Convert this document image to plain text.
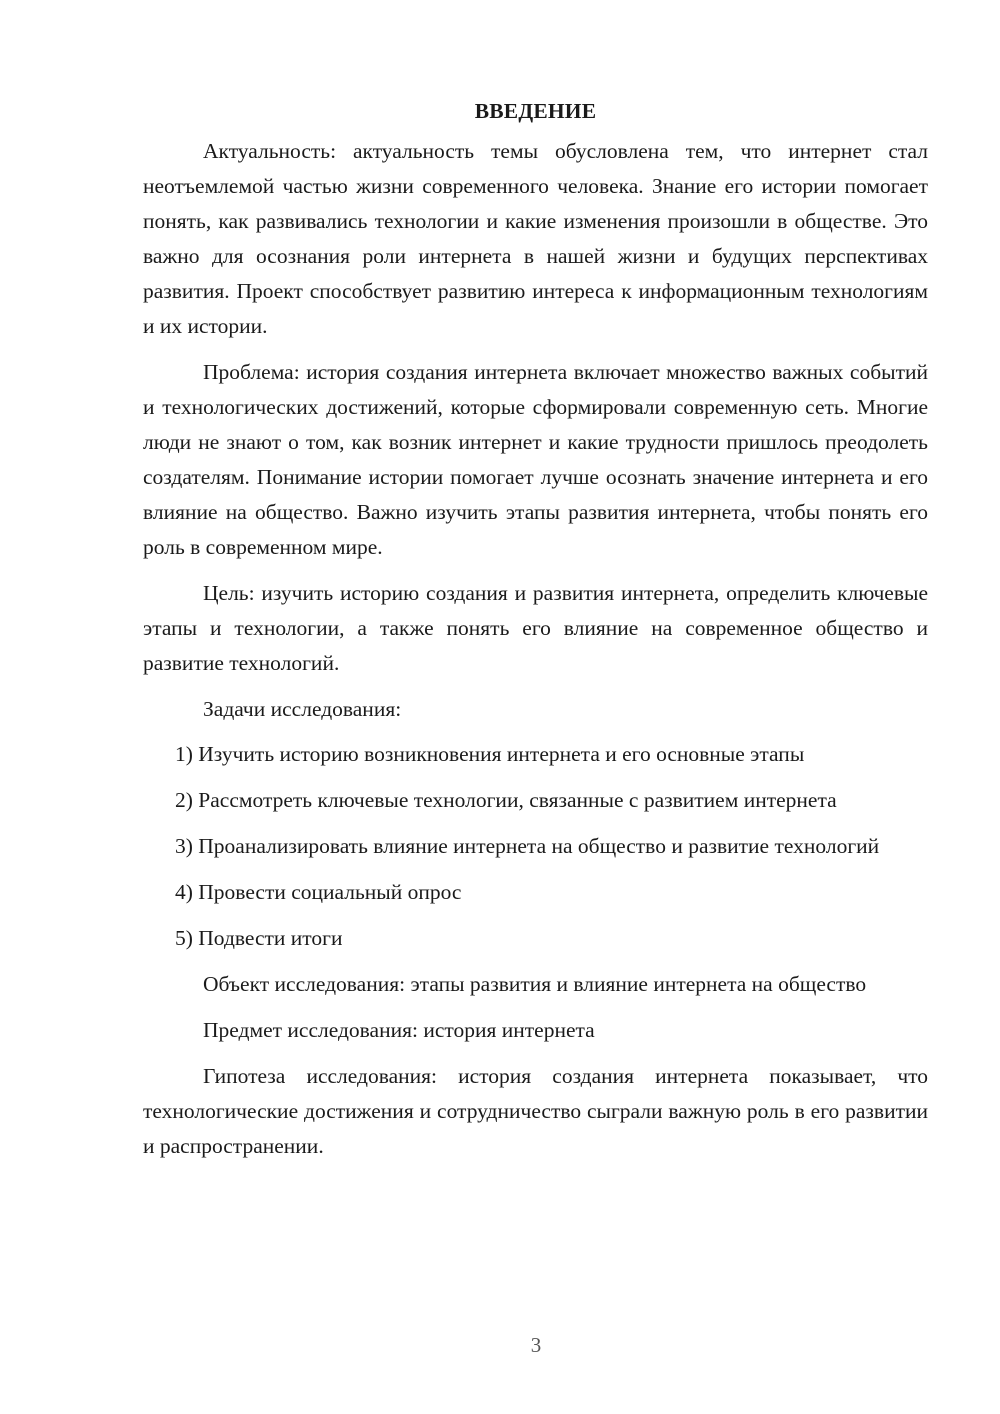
ВВЕДЕНИЕ

Актуальность: актуальность темы обусловлена тем, что интернет стал неотъемлемой частью жизни современного человека. Знание его истории помогает понять, как развивались технологии и какие изменения произошли в обществе. Это важно для осознания роли интернета в нашей жизни и будущих перспективах развития. Проект способствует развитию интереса к информационным технологиям и их истории.

Проблема: история создания интернета включает множество важных событий и технологических достижений, которые сформировали современную сеть. Многие люди не знают о том, как возник интернет и какие трудности пришлось преодолеть создателям. Понимание истории помогает лучше осознать значение интернета и его влияние на общество. Важно изучить этапы развития интернета, чтобы понять его роль в современном мире.

Цель: изучить историю создания и развития интернета, определить ключевые этапы и технологии, а также понять его влияние на современное общество и развитие технологий.

Задачи исследования:

1) Изучить историю возникновения интернета и его основные этапы

2) Рассмотреть ключевые технологии, связанные с развитием интернета

3) Проанализировать влияние интернета на общество и развитие технологий

4) Провести социальный опрос

5) Подвести итоги

Объект исследования: этапы развития и влияние интернета на общество

Предмет исследования: история интернета

Гипотеза исследования: история создания интернета показывает, что технологические достижения и сотрудничество сыграли важную роль в его развитии и распространении.

3
